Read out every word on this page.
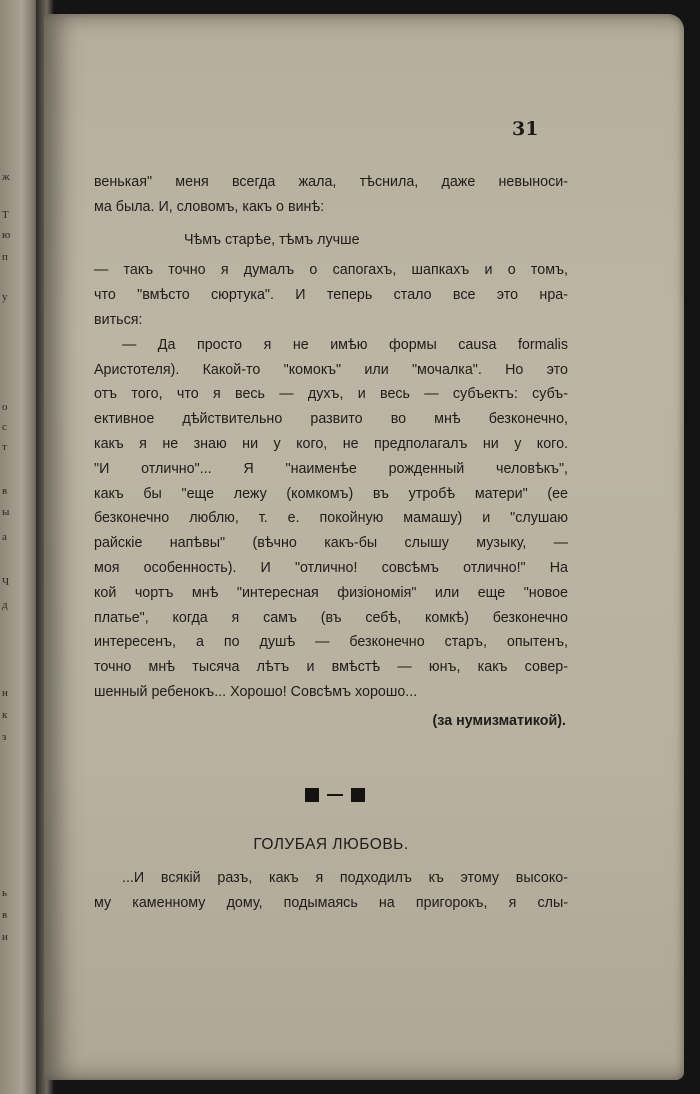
ж
Т
ю
п
у
о
с
т
в
ы
а
Ч
д
н
к
з
ь
в
и
31
венькая" меня всегда жала, тѣснила, даже невыноси-
ма была. И, словомъ, какъ о винѣ:
Чѣмъ старѣе, тѣмъ лучше
— такъ точно я думалъ о сапогахъ, шапкахъ и о томъ,
что "вмѣсто сюртука". И теперь стало все это нра-
виться:
— Да просто я не имѣю формы causa formalis
Аристотеля). Какой-то "комокъ" или "мочалка". Но это
отъ того, что я весь — духъ, и весь — субъектъ: субъ-
ективное дѣйствительно развито во мнѣ безконечно,
какъ я не знаю ни у кого, не предполагалъ ни у кого.
"И отлично"... Я "наименѣе рожденный человѣкъ",
какъ бы "еще лежу (комкомъ) въ утробѣ матери" (ее
безконечно люблю, т. е. покойную мамашу) и "слушаю
райскiе напѣвы" (вѣчно какъ-бы слышу музыку, —
моя особенность). И "отлично! совсѣмъ отлично!" На
кой чортъ мнѣ "интересная физiономiя" или еще "новое
платье", когда я самъ (въ себѣ, комкѣ) безконечно
интересенъ, а по душѣ — безконечно старъ, опытенъ,
точно мнѣ тысяча лѣтъ и вмѣстѣ — юнъ, какъ совер-
шенный ребенокъ... Хорошо! Совсѣмъ хорошо...
(за нумизматикой).
ГОЛУБАЯ ЛЮБОВЬ.
...И всякiй разъ, какъ я подходилъ къ этому высоко-
му каменному дому, подымаясь на пригорокъ, я слы-
